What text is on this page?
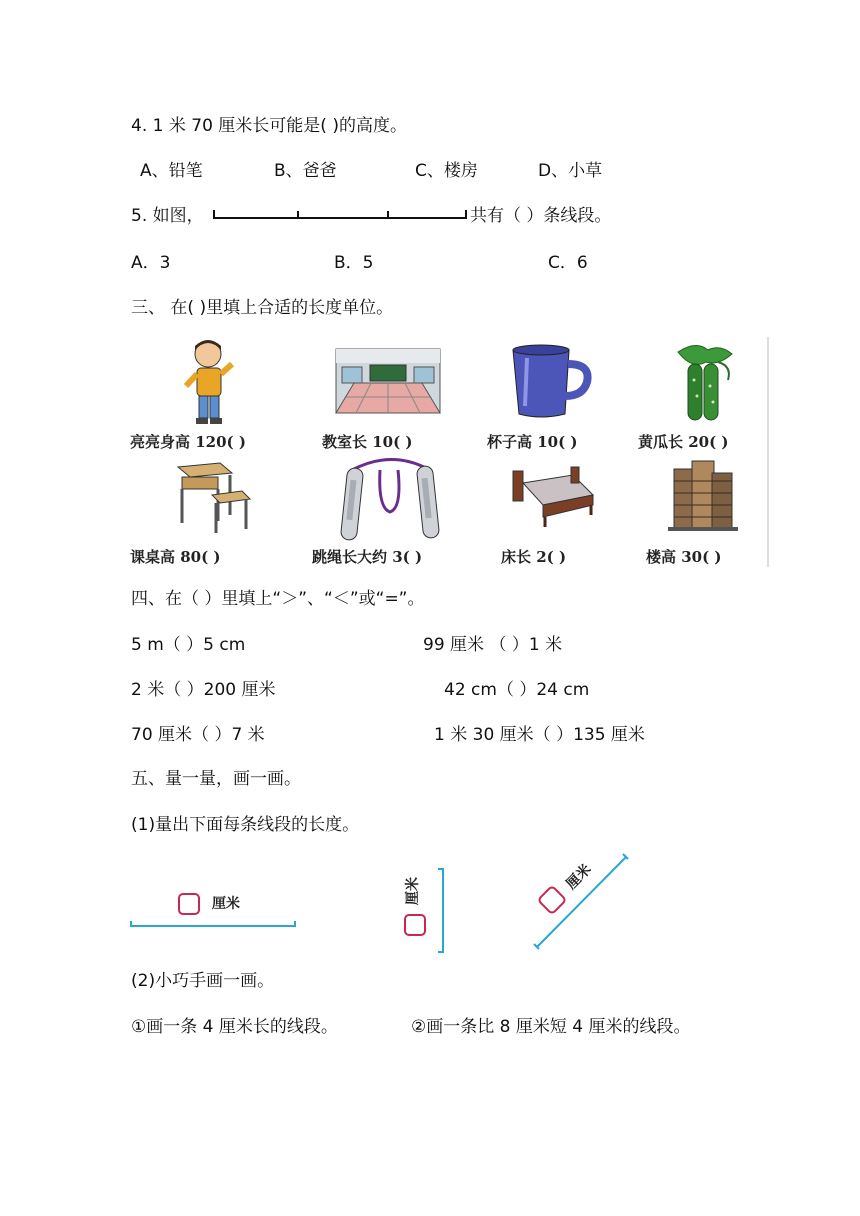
4. 1 米 70 厘米长可能是( )的高度。
A、铅笔	B、爸爸	C、楼房	D、小草
5. 如图，	共有（ ）条线段。
A．3	B．5	C．6
三、 在( )里填上合适的长度单位。
亮亮身高 120( )	教室长 10( )	杯子高 10( )	黄瓜长 20( )
课桌高 80( )	跳绳长大约 3( )	床长 2( )	楼高 30( )
四、在（ ）里填上“＞”、“＜”或“=”。
5 m（ ）5 cm	99 厘米 （ ）1 米
2 米（ ）200 厘米	42 cm（ ）24 cm
70 厘米（ ）7 米	1 米 30 厘米（ ）135 厘米
五、量一量，画一画。
(1)量出下面每条线段的长度。
厘米	厘米	厘米
(2)小巧手画一画。
①画一条 4 厘米长的线段。	②画一条比 8 厘米短 4 厘米的线段。
